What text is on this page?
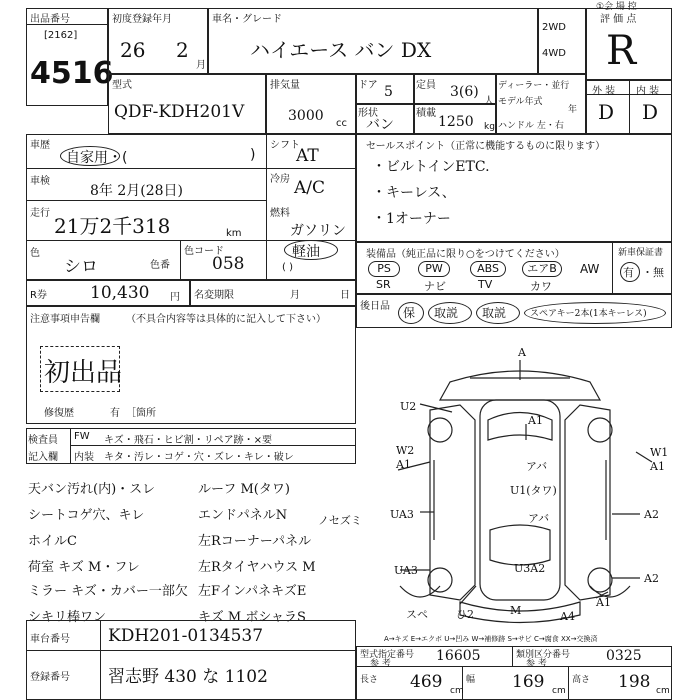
出品番号
[2162]
4516
初度登録年月
26 2
月
車名・グレード
ハイエース バン DX
2WD
4WD
①会 場 控
評 価 点
R
型式
QDF-KDH201V
排気量
3000 cc
ドア 5 定員 3(6)
人
形状
バン
積載
1250 kg
ディーラー・並行
モデル年式
年
ハンドル 左・右
外 装 内 装
D D
車歴
自家用・(	)
シフト
AT
車検
8年 2月(28日)
冷房 A/C
走行
21万2千318	km
燃料
ガソリン
軽油
( )
色
シロ	色番
色コード
058
R券	10,430 円 名変期限	月	日
セールスポイント（正常に機能するものに限ります）
・ビルトインETC.
・キーレス、
・1オーナー
装備品（純正品に限り○をつけてください）
PS	PW	ABS	エアB	AW
SR	ナビ	TV	カワ
新車保証書
有 ・無
後日品 保 取説 取説	スペアキー2本(1本キーレス)
注意事項申告欄	（不具合内容等は具体的に記入して下さい）
初出品
修復歴	有 ［箇所
検査員
記入欄
FW キズ・飛石・ヒビ割・リペア跡・×要
内装 キタ・汚レ・コゲ・穴・ズレ・キレ・破レ
天バン汚れ(内)・スレ
シートコゲ穴、キレ
ホイルC
荷室 キズ M・フレ
ミラー キズ・カバー一部欠
シキリ棒ワン
ルーフ M(タワ)
エンドパネルN
左Rコーナーパネル
左Rタイヤハウス M
左FインパネキズE
キズ M ボシャラS
ノセズミ
A
A1
U2
W2
A1
W1
A1
アバ
U1(タワ)
アバ
UA3	A2
UA3	U3A2
A2
M	A4
スペ	ひ2
A1
A→キズ E→エクボ U→凹み W→補修跡 S→サビ C→腐食 XX→交換済
車台番号 KDH201-0134537
登録番号 習志野 430 な 1102
型式指定番号
参 考	16605	類別区分番号
参 考	0325
長さ 469 cm
幅 169 cm
高さ 198 cm
